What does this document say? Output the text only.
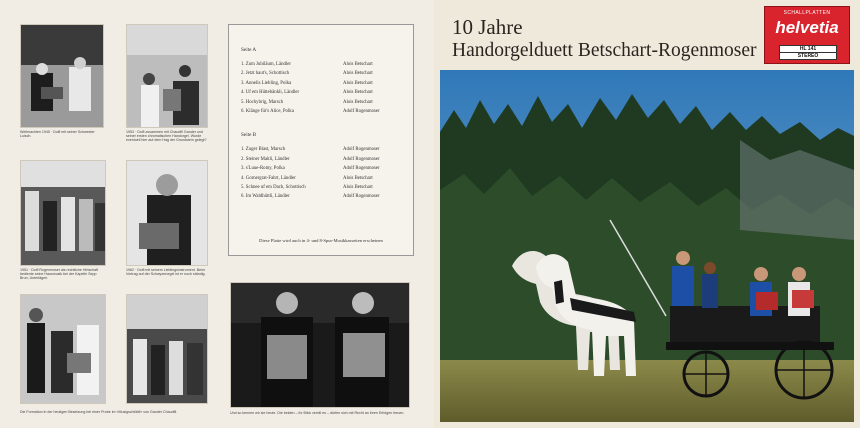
Weihnachten 1945 · Dolfi mit seiner Schwester Luisch.
1953 · Dolfi zusammen mit Chaudfli Gander und seiner ersten chromatischen Handorgel. Wurde eventuell hier auf dem Hag der Grundstein gelegt?
1951 · Dolfi Rogenmoser als rechtliche Hirtschaft bediente seine Hausmusik bei der Kapelle Sepp Brun, Unteriägeri.
1962 · Dolfi mit seinem Lieblingsinstrument. Beim Vortrag auf der Schwyzerorgel ist er noch ständig.
Die Formation in der heutigen Besetzung bei einer Probe im «Musigschtübli» von Gander Chaudfli.
Seite A
1. Zum Jubiläum, Ländler	Alois Betschart
2. Jetzt haut's, Schottisch	Alois Betschart
3. Annelis Liebling, Polka	Alois Betschart
4. Uf em Hüttebänkli, Ländler	Alois Betschart
5. Hochybrig, Marsch	Alois Betschart
6. Klänge für's Alice, Polka	Adolf Rogenmoser
Seite B
1. Zuger Blast, Marsch	Adolf Rogenmoser
2. Steiner Maitli, Ländler	Adolf Rogenmoser
3. s'Luue-Romy, Polka	Adolf Rogenmoser
4. Gornergrat-Fahrt, Ländler	Alois Betschart
5. Schnee uf em Dach, Schottisch	Alois Betschart
6. Im Waldhüttli, Ländler	Adolf Rogenmoser
Diese Platte wird auch in 4- und 8-Spur-Musikkassetten erscheinen
Und so kennen wir sie heute. Die beiden – ihr Blick verrät es – dürfen sich mit Recht an ihren Erfolgen freuen.
10 Jahre
Handorgelduett Betschart-Rogenmoser
SCHALLPLATTEN
helvetia
HL 141
STEREO
